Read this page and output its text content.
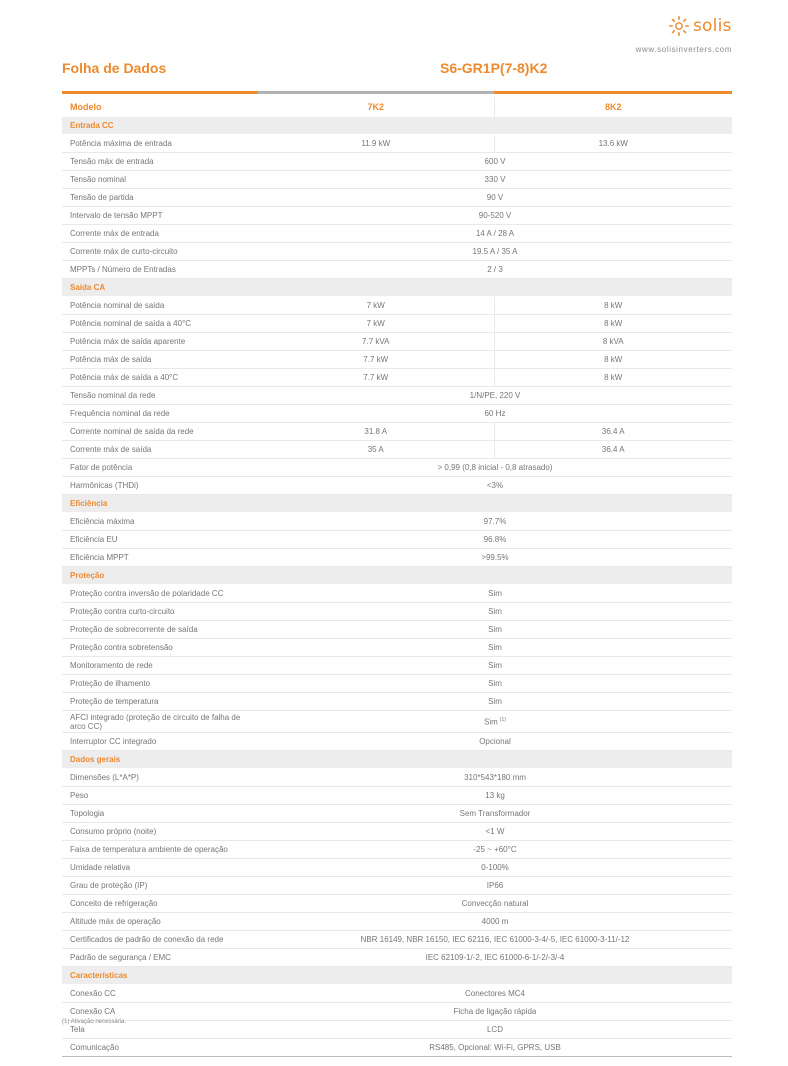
solis
www.solisinverters.com
Folha de Dados	S6-GR1P(7-8)K2
Modelo	7K2	8K2
Entrada CC		
Potência máxima de entrada	11.9 kW	13.6 kW
Tensão máx de entrada	600 V	
Tensão nominal	330 V	
Tensão de partida	90 V	
Intervalo de tensão MPPT	90-520 V	
Corrente máx de entrada	14 A / 28 A	
Corrente máx de curto-circuito	19.5 A / 35 A	
MPPTs / Número de Entradas	2 / 3	
Saída CA		
Potência nominal de saída	7 kW	8 kW
Potência nominal de saída a 40°C	7 kW	8 kW
Potência máx de saída aparente	7.7 kVA	8 kVA
Potência máx de saída	7.7 kW	8 kW
Potência máx de saída a 40°C	7.7 kW	8 kW
Tensão nominal da rede	1/N/PE, 220 V	
Frequência nominal da rede	60 Hz	
Corrente nominal de saída da rede	31.8 A	36.4 A
Corrente máx de saída	35 A	36.4 A
Fator de potência	> 0,99 (0,8 inicial - 0,8 atrasado)	
Harmônicas (THDi)	<3%	
Eficiência		
Eficiência máxima	97.7%	
Eficiência EU	96.8%	
Eficiência MPPT	>99.5%	
Proteção		
Proteção contra inversão de polaridade CC	Sim	
Proteção contra curto-circuito	Sim	
Proteção de sobrecorrente de saída	Sim	
Proteção contra sobretensão	Sim	
Monitoramento de rede	Sim	
Proteção de ilhamento	Sim	
Proteção de temperatura	Sim	
AFCI integrado (proteção de circuito de falha de arco CC)	Sim $^{(1)}$
Interruptor CC integrado	Opcional	
Dados gerais		
Dimensões (L*A*P)	310*543*180 mm	
Peso	13 kg	
Topologia	Sem Transformador	
Consumo próprio (noite)	<1 W	
Faixa de temperatura ambiente de operação	-25 ~ +60°C	
Umidade relativa	0-100%	
Grau de proteção (IP)	IP66	
Conceito de refrigeração	Convecção natural	
Altitude máx de operação	4000 m	
Certificados de padrão de conexão da rede	NBR 16149, NBR 16150, IEC 62116, IEC 61000-3-4/-5, IEC 61000-3-11/-12	
Padrão de segurança / EMC	IEC 62109-1/-2, IEC 61000-6-1/-2/-3/-4	
Características		
Conexão CC	Conectores MC4	
Conexão CA	Ficha de ligação rápida	
Tela	LCD	
Comunicação	RS485, Opcional: Wi-Fi, GPRS, USB	
(1) Ativação necessária.
